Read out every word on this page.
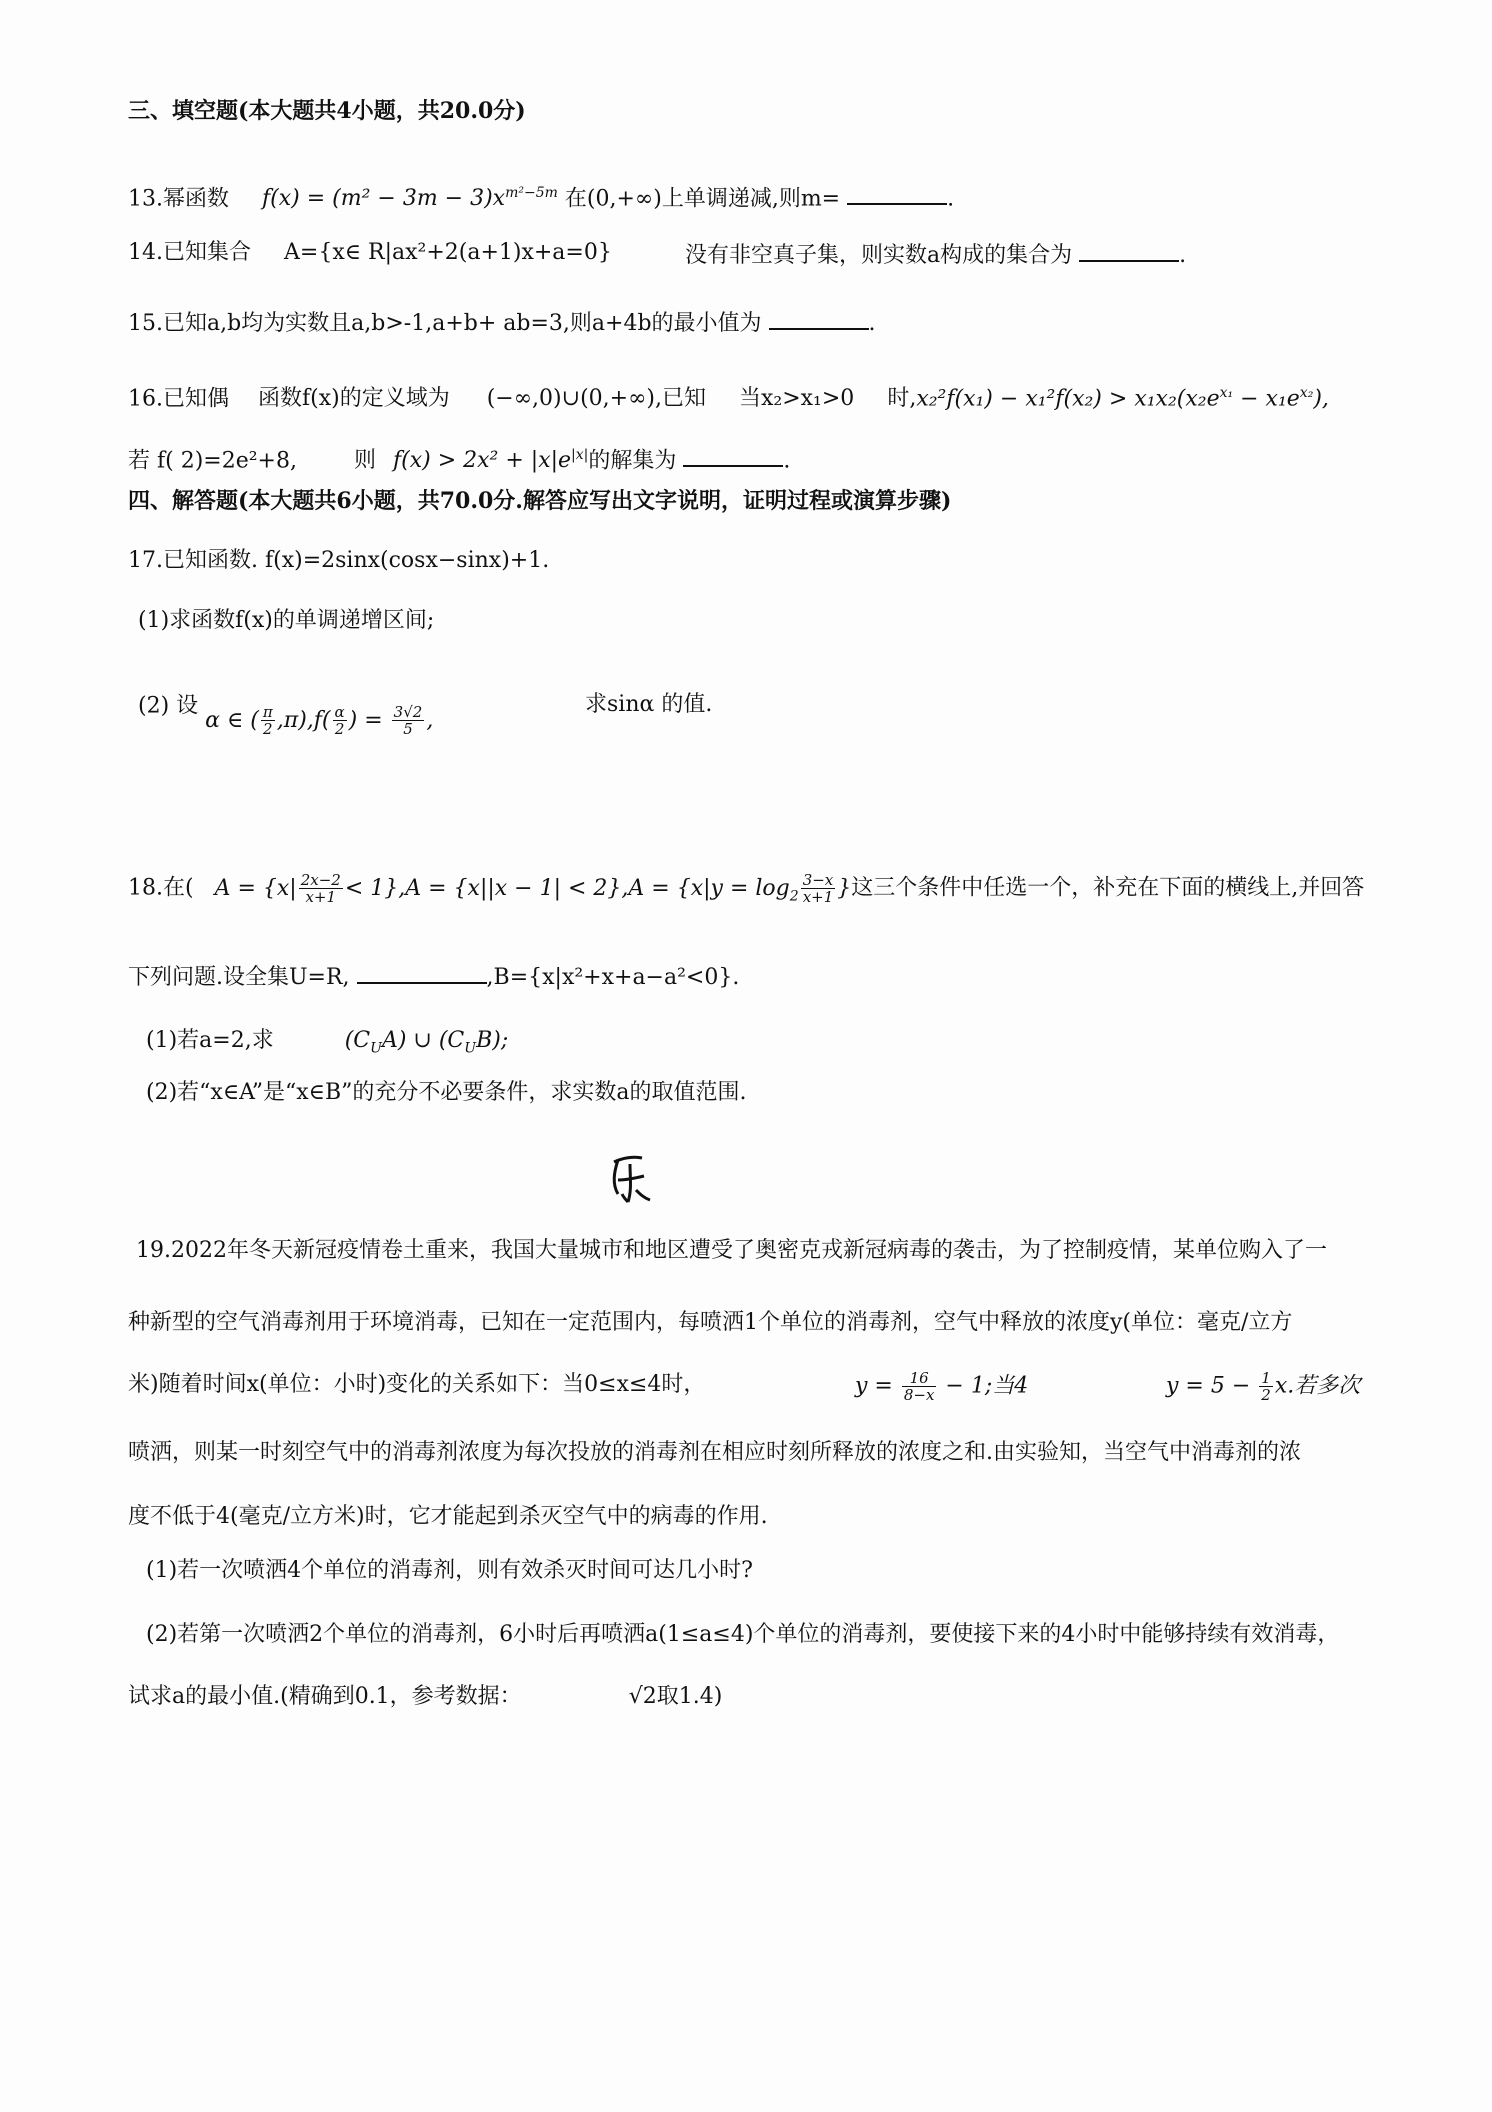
三、填空题(本大题共4小题，共20.0分)
13.幂函数 $f(x) = (m^2 - 3m - 3)x^{m^2-5m}$ 在(0,+∞)上单调递减,则m=	.
14.已知集合 A={x∈ R|ax²+2(a+1)x+a=0}	没有非空真子集，则实数a构成的集合为	.
15.已知a,b均为实数且a,b>-1,a+b+ ab=3,则a+4b的最小值为	.
16.已知偶 函数f(x)的定义域为 (−∞,0)∪(0,+∞),已知 当x₂>x₁>0 时$,x_2^2f(x_1) - x_1^2f(x_2) > x_1x_2(x_2e^{x_1} - x_1e^{x_2})$,
若 f( 2)=2e²+8,	则 $f(x) > 2x^2 + |x|e^{|x|}$的解集为	.
四、解答题(本大题共6小题，共70.0分.解答应写出文字说明，证明过程或演算步骤)
17.已知函数. f(x)=2sinx(cosx−sinx)+1.
(1)求函数f(x)的单调递增区间;
(2) 设 α ∈ ( $\frac{\pi}{2} ,\pi),f( \frac{\alpha}{2}$ ) = $\frac{3√2}{5}$ ,
求sinα 的值.
18.在( $A = \{x| \frac{2x-2}{x+1} < 1\},A = \{x||x - 1| < 2\},A = \{x|y = \log_2 \frac{3-x}{x+1}$ }这三个条件中任选一个，补充在下面的横线上,并回答
下列问题.设全集U=R,	,B={x|x²+x+a−a²<0}.
(1)若a=2,求	$(C_UA)$ ∪ $(C_UB)$;
(2)若“x∈A”是“x∈B”的充分不必要条件，求实数a的取值范围.
19.2022年冬天新冠疫情卷土重来，我国大量城市和地区遭受了奥密克戎新冠病毒的袭击，为了控制疫情，某单位购入了一
种新型的空气消毒剂用于环境消毒，已知在一定范围内，每喷洒1个单位的消毒剂，空气中释放的浓度y(单位：毫克/立方
米)随着时间x(单位：小时)变化的关系如下：当0≤x≤4时，	$y = \frac{16}{8-x} - 1$;当4	$y = 5 - \frac{1}{2} x$.若多次
喷洒，则某一时刻空气中的消毒剂浓度为每次投放的消毒剂在相应时刻所释放的浓度之和.由实验知，当空气中消毒剂的浓
度不低于4(毫克/立方米)时，它才能起到杀灭空气中的病毒的作用.
(1)若一次喷洒4个单位的消毒剂，则有效杀灭时间可达几小时?
(2)若第一次喷洒2个单位的消毒剂，6小时后再喷洒a(1≤a≤4)个单位的消毒剂，要使接下来的4小时中能够持续有效消毒，
试求a的最小值.(精确到0.1，参考数据：	√2取1.4)
